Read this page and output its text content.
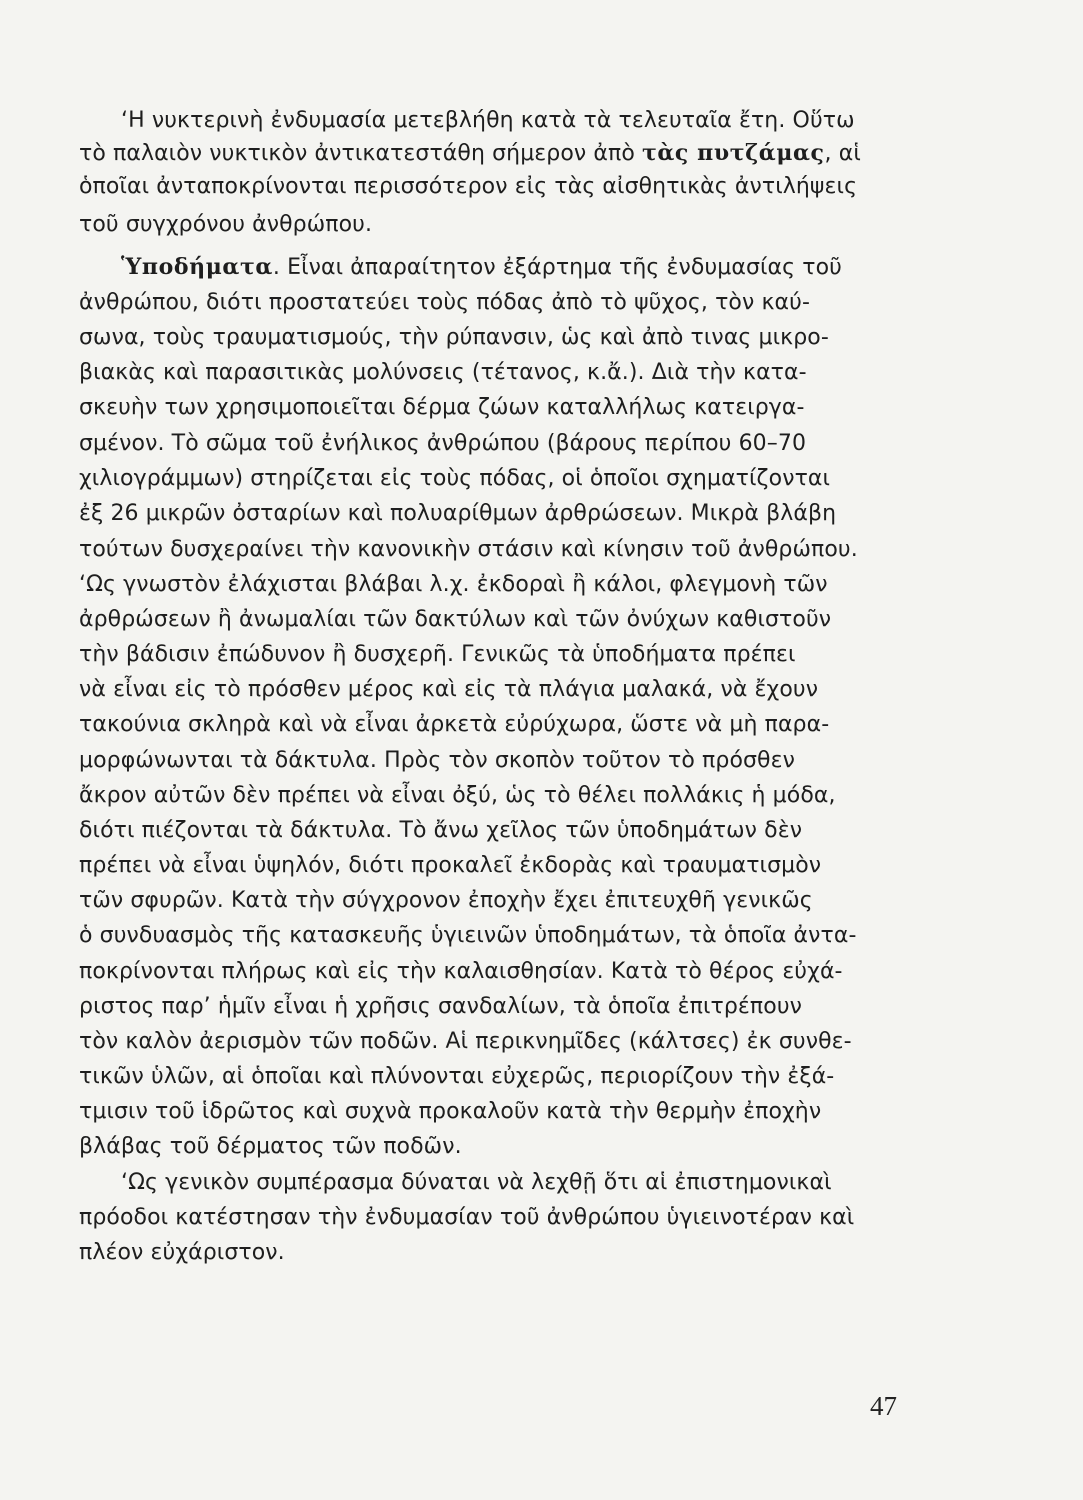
‘Η νυκτερινὴ ἐνδυμασία μετεβλήθη κατὰ τὰ τελευταῖα ἔτη. Οὕτω
τὸ παλαιὸν νυκτικὸν ἀντικατεστάθη σήμερον ἀπὸ τὰς πυτζάμας, αἱ
ὁποῖαι ἀνταποκρίνονται περισσότερον εἰς τὰς αἰσθητικὰς ἀντιλήψεις
τοῦ συγχρόνου ἀνθρώπου.
Ὑποδήματα. Εἶναι ἀπαραίτητον ἐξάρτημα τῆς ἐνδυμασίας τοῦ
ἀνθρώπου, διότι προστατεύει τοὺς πόδας ἀπὸ τὸ ψῦχος, τὸν καύ-
σωνα, τοὺς τραυματισμούς, τὴν ρύπανσιν, ὡς καὶ ἀπὸ τινας μικρο-
βιακὰς καὶ παρασιτικὰς μολύνσεις (τέτανος, κ.ἄ.). Διὰ τὴν κατα-
σκευὴν των χρησιμοποιεῖται δέρμα ζώων καταλλήλως κατειργα-
σμένον. Τὸ σῶμα τοῦ ἐνήλικος ἀνθρώπου (βάρους περίπου 60–70
χιλιογράμμων) στηρίζεται εἰς τοὺς πόδας, οἱ ὁποῖοι σχηματίζονται
ἐξ 26 μικρῶν ὀσταρίων καὶ πολυαρίθμων ἀρθρώσεων. Μικρὰ βλάβη
τούτων δυσχεραίνει τὴν κανονικὴν στάσιν καὶ κίνησιν τοῦ ἀνθρώπου.
‘Ως γνωστὸν ἐλάχισται βλάβαι λ.χ. ἐκδοραὶ ἢ κάλοι, φλεγμονὴ τῶν
ἀρθρώσεων ἢ ἀνωμαλίαι τῶν δακτύλων καὶ τῶν ὀνύχων καθιστοῦν
τὴν βάδισιν ἐπώδυνον ἢ δυσχερῆ. Γενικῶς τὰ ὑποδήματα πρέπει
νὰ εἶναι εἰς τὸ πρόσθεν μέρος καὶ εἰς τὰ πλάγια μαλακά, νὰ ἔχουν
τακούνια σκληρὰ καὶ νὰ εἶναι ἀρκετὰ εὐρύχωρα, ὥστε νὰ μὴ παρα-
μορφώνωνται τὰ δάκτυλα. Πρὸς τὸν σκοπὸν τοῦτον τὸ πρόσθεν
ἄκρον αὐτῶν δὲν πρέπει νὰ εἶναι ὀξύ, ὡς τὸ θέλει πολλάκις ἡ μόδα,
διότι πιέζονται τὰ δάκτυλα. Τὸ ἄνω χεῖλος τῶν ὑποδημάτων δὲν
πρέπει νὰ εἶναι ὑψηλόν, διότι προκαλεῖ ἐκδορὰς καὶ τραυματισμὸν
τῶν σφυρῶν. Κατὰ τὴν σύγχρονον ἐποχὴν ἔχει ἐπιτευχθῆ γενικῶς
ὁ συνδυασμὸς τῆς κατασκευῆς ὑγιεινῶν ὑποδημάτων, τὰ ὁποῖα ἀντα-
ποκρίνονται πλήρως καὶ εἰς τὴν καλαισθησίαν. Κατὰ τὸ θέρος εὐχά-
ριστος παρ’ ἡμῖν εἶναι ἡ χρῆσις σανδαλίων, τὰ ὁποῖα ἐπιτρέπουν
τὸν καλὸν ἀερισμὸν τῶν ποδῶν. Αἱ περικνημῖδες (κάλτσες) ἐκ συνθε-
τικῶν ὑλῶν, αἱ ὁποῖαι καὶ πλύνονται εὐχερῶς, περιορίζουν τὴν ἐξά-
τμισιν τοῦ ἱδρῶτος καὶ συχνὰ προκαλοῦν κατὰ τὴν θερμὴν ἐποχὴν
βλάβας τοῦ δέρματος τῶν ποδῶν.
‘Ως γενικὸν συμπέρασμα δύναται νὰ λεχθῇ ὅτι αἱ ἐπιστημονικαὶ
πρόοδοι κατέστησαν τὴν ἐνδυμασίαν τοῦ ἀνθρώπου ὑγιεινοτέραν καὶ
πλέον εὐχάριστον.
47
